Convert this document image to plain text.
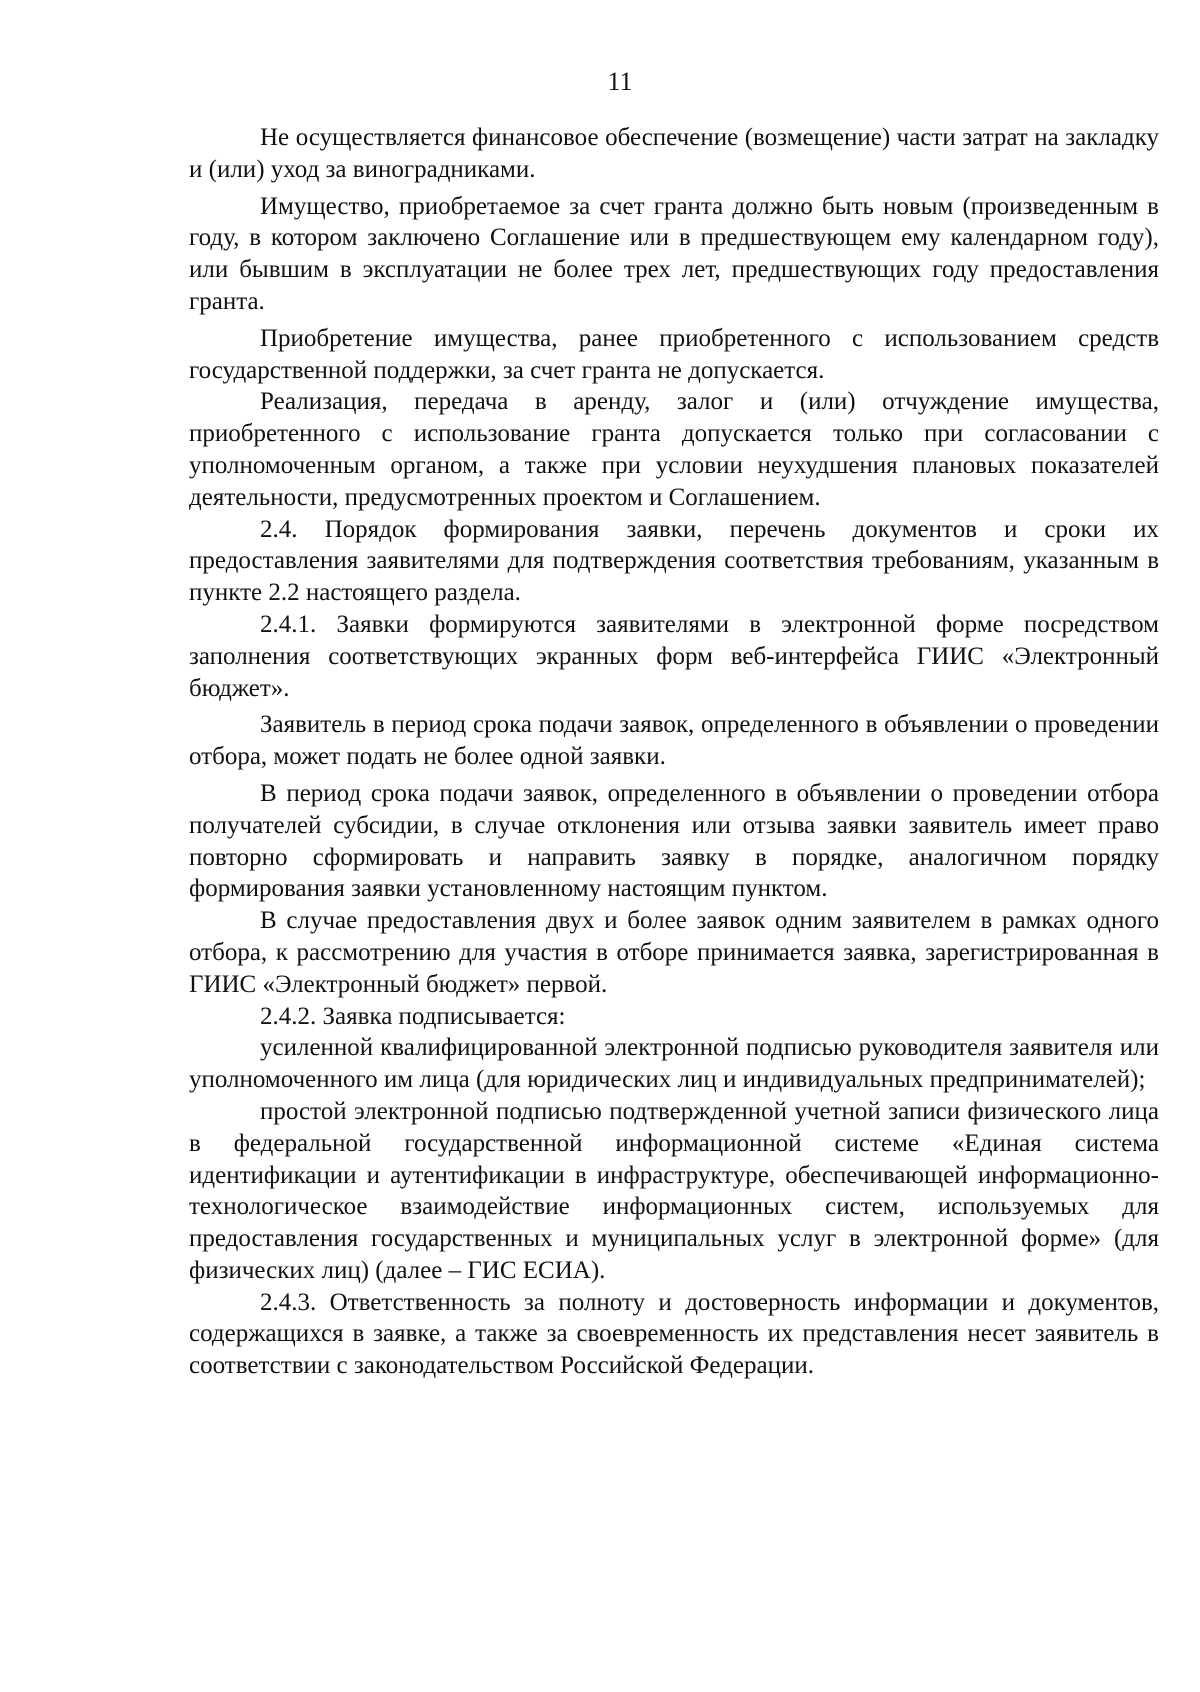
11

Не осуществляется финансовое обеспечение (возмещение) части затрат на закладку и (или) уход за виноградниками.

Имущество, приобретаемое за счет гранта должно быть новым (произведенным в году, в котором заключено Соглашение или в предшествующем ему календарном году), или бывшим в эксплуатации не более трех лет, предшествующих году предоставления гранта.

Приобретение имущества, ранее приобретенного с использованием средств государственной поддержки, за счет гранта не допускается.

Реализация, передача в аренду, залог и (или) отчуждение имущества, приобретенного с использование гранта допускается только при согласовании с уполномоченным органом, а также при условии неухудшения плановых показателей деятельности, предусмотренных проектом и Соглашением.

2.4. Порядок формирования заявки, перечень документов и сроки их предоставления заявителями для подтверждения соответствия требованиям, указанным в пункте 2.2 настоящего раздела.

2.4.1. Заявки формируются заявителями в электронной форме посредством заполнения соответствующих экранных форм веб-интерфейса ГИИС «Электронный бюджет».

Заявитель в период срока подачи заявок, определенного в объявлении о проведении отбора, может подать не более одной заявки.

В период срока подачи заявок, определенного в объявлении о проведении отбора получателей субсидии, в случае отклонения или отзыва заявки заявитель имеет право повторно сформировать и направить заявку в порядке, аналогичном порядку формирования заявки установленному настоящим пунктом.

В случае предоставления двух и более заявок одним заявителем в рамках одного отбора, к рассмотрению для участия в отборе принимается заявка, зарегистрированная в ГИИС «Электронный бюджет» первой.

2.4.2. Заявка подписывается:

усиленной квалифицированной электронной подписью руководителя заявителя или уполномоченного им лица (для юридических лиц и индивидуальных предпринимателей);

простой электронной подписью подтвержденной учетной записи физического лица в федеральной государственной информационной системе «Единая система идентификации и аутентификации в инфраструктуре, обеспечивающей информационно-технологическое взаимодействие информационных систем, используемых для предоставления государственных и муниципальных услуг в электронной форме» (для физических лиц) (далее – ГИС ЕСИА).

2.4.3. Ответственность за полноту и достоверность информации и документов, содержащихся в заявке, а также за своевременность их представления несет заявитель в соответствии с законодательством Российской Федерации.
